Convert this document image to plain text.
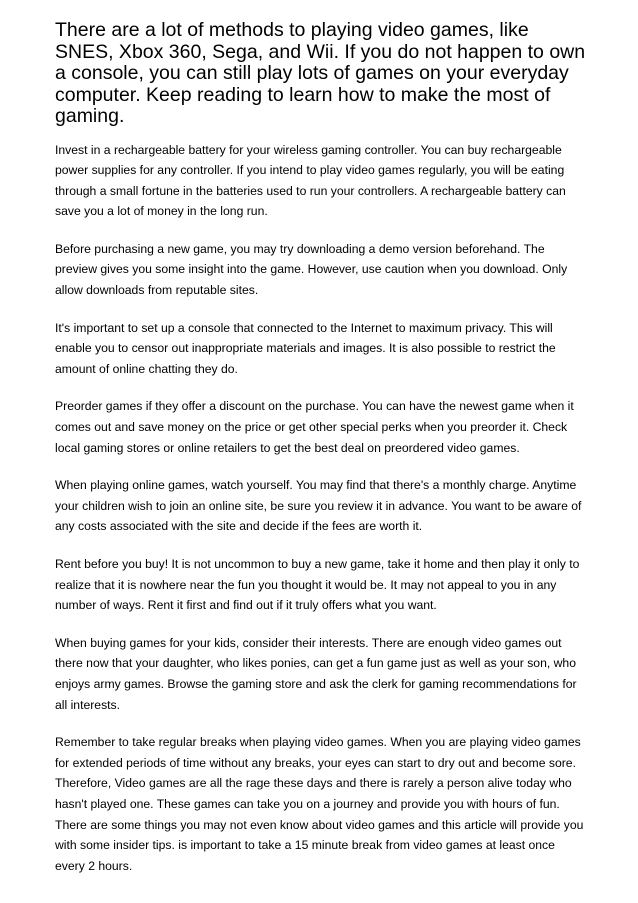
There are a lot of methods to playing video games, like SNES, Xbox 360, Sega, and Wii. If you do not happen to own a console, you can still play lots of games on your everyday computer. Keep reading to learn how to make the most of gaming.

Invest in a rechargeable battery for your wireless gaming controller. You can buy rechargeable power supplies for any controller. If you intend to play video games regularly, you will be eating through a small fortune in the batteries used to run your controllers. A rechargeable battery can save you a lot of money in the long run.

Before purchasing a new game, you may try downloading a demo version beforehand. The preview gives you some insight into the game. However, use caution when you download. Only allow downloads from reputable sites.

It's important to set up a console that connected to the Internet to maximum privacy. This will enable you to censor out inappropriate materials and images. It is also possible to restrict the amount of online chatting they do.

Preorder games if they offer a discount on the purchase. You can have the newest game when it comes out and save money on the price or get other special perks when you preorder it. Check local gaming stores or online retailers to get the best deal on preordered video games.

When playing online games, watch yourself. You may find that there's a monthly charge. Anytime your children wish to join an online site, be sure you review it in advance. You want to be aware of any costs associated with the site and decide if the fees are worth it.

Rent before you buy! It is not uncommon to buy a new game, take it home and then play it only to realize that it is nowhere near the fun you thought it would be. It may not appeal to you in any number of ways. Rent it first and find out if it truly offers what you want.

When buying games for your kids, consider their interests. There are enough video games out there now that your daughter, who likes ponies, can get a fun game just as well as your son, who enjoys army games. Browse the gaming store and ask the clerk for gaming recommendations for all interests.

Remember to take regular breaks when playing video games. When you are playing video games for extended periods of time without any breaks, your eyes can start to dry out and become sore. Therefore, Video games are all the rage these days and there is rarely a person alive today who hasn't played one. These games can take you on a journey and provide you with hours of fun. There are some things you may not even know about video games and this article will provide you with some insider tips. is important to take a 15 minute break from video games at least once every 2 hours.
